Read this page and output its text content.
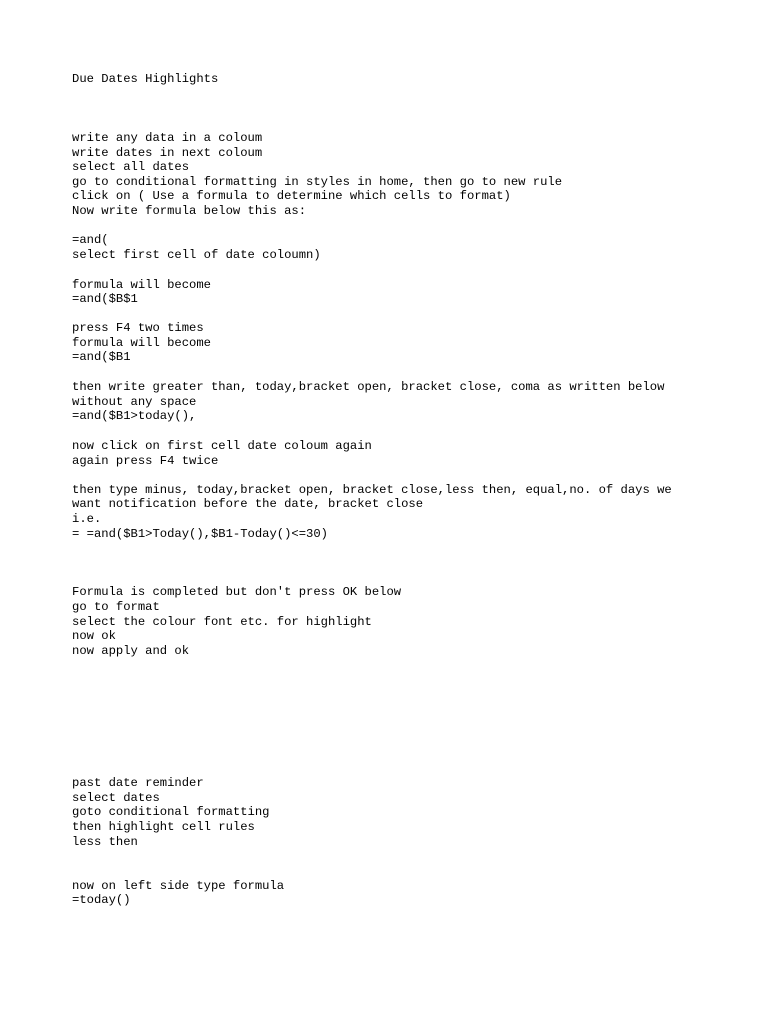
Due Dates Highlights

write any data in a coloum

write dates in next coloum

select all dates

go to conditional formatting in styles in home, then go to new rule

click on ( Use a formula to determine which cells to format)

Now write formula below this as:

=and(

select first cell of date coloumn)

formula will become

=and($B$1

press F4 two times

formula will become

=and($B1

then write greater than, today,bracket open, bracket close, coma as written below

without any space

=and($B1>today(),

now click on first cell date coloum again

again press F4 twice

then type minus, today,bracket open, bracket close,less then, equal,no. of days we

want notification before the date, bracket close

i.e.

= =and($B1>Today(),$B1-Today()<=30)

Formula is completed but don't press OK below

go to format

select the colour font etc. for highlight

now ok

now apply and ok

past date reminder

select dates

goto conditional formatting

then highlight cell rules

less then

now on left side type formula

=today()
